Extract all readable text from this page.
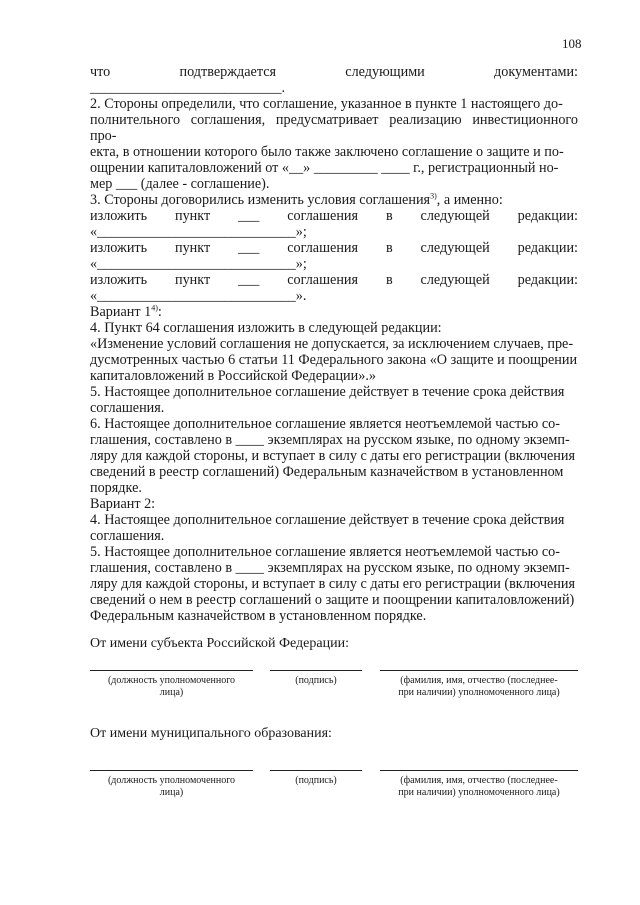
108

что подтверждается следующими документами: ___________________________.

2. Стороны определили, что соглашение, указанное в пункте 1 настоящего до-

полнительного соглашения, предусматривает реализацию инвестиционного про-

екта, в отношении которого было также заключено соглашение о защите и по-

ощрении капиталовложений от «__» _________ ____ г., регистрационный но-

мер ___ (далее - соглашение).

3. Стороны договорились изменить условия соглашения$^{3)}$, а именно:

изложить пункт ___ соглашения в следующей редакции:

«____________________________»;

изложить пункт ___ соглашения в следующей редакции:

«____________________________»;

изложить пункт ___ соглашения в следующей редакции:

«____________________________».

Вариант 1$^{4)}$:

4. Пункт 64 соглашения изложить в следующей редакции:

«Изменение условий соглашения не допускается, за исключением случаев, пре-

дусмотренных частью 6 статьи 11 Федерального закона «О защите и поощрении

капиталовложений в Российской Федерации».»

5. Настоящее дополнительное соглашение действует в течение срока действия

соглашения.

6. Настоящее дополнительное соглашение является неотъемлемой частью со-

глашения, составлено в ____ экземплярах на русском языке, по одному экземп-

ляру для каждой стороны, и вступает в силу с даты его регистрации (включения

сведений в реестр соглашений) Федеральным казначейством в установленном

порядке.

Вариант 2:

4. Настоящее дополнительное соглашение действует в течение срока действия

соглашения.

5. Настоящее дополнительное соглашение является неотъемлемой частью со-

глашения, составлено в ____ экземплярах на русском языке, по одному экземп-

ляру для каждой стороны, и вступает в силу с даты его регистрации (включения

сведений о нем в реестр соглашений о защите и поощрении капиталовложений)

Федеральным казначейством в установленном порядке.

От имени субъекта Российской Федерации:

(должность уполномоченного
лица)
(подпись)	(фамилия, имя, отчество (последнее-
при наличии) уполномоченного лица)

От имени муниципального образования:

(должность уполномоченного
лица)
(подпись)	(фамилия, имя, отчество (последнее-
при наличии) уполномоченного лица)
